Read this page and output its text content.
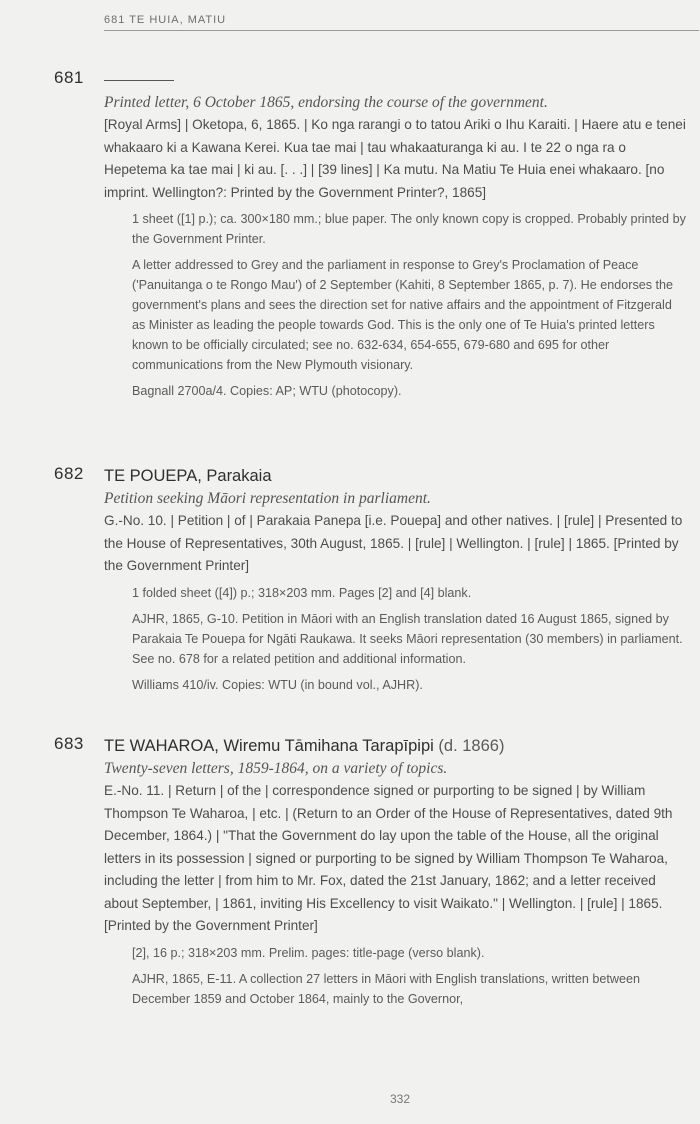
681 TE HUIA, MATIU
681
Printed letter, 6 October 1865, endorsing the course of the government.
[Royal Arms] | Oketopa, 6, 1865. | Ko nga rarangi o to tatou Ariki o Ihu Karaiti. | Haere atu e tenei whakaaro ki a Kawana Kerei. Kua tae mai | tau whakaaturanga ki au. I te 22 o nga ra o Hepetema ka tae mai | ki au. [. . .] | [39 lines] | Ka mutu. Na Matiu Te Huia enei whakaaro. [no imprint. Wellington?: Printed by the Government Printer?, 1865]
1 sheet ([1] p.); ca. 300×180 mm.; blue paper. The only known copy is cropped. Probably printed by the Government Printer.
A letter addressed to Grey and the parliament in response to Grey's Proclamation of Peace ('Panuitanga o te Rongo Mau') of 2 September (Kahiti, 8 September 1865, p. 7). He endorses the government's plans and sees the direction set for native affairs and the appointment of Fitzgerald as Minister as leading the people towards God. This is the only one of Te Huia's printed letters known to be officially circulated; see no. 632-634, 654-655, 679-680 and 695 for other communications from the New Plymouth visionary.
Bagnall 2700a/4. Copies: AP; WTU (photocopy).
682 TE POUEPA, Parakaia
Petition seeking Māori representation in parliament.
G.-No. 10. | Petition | of | Parakaia Panepa [i.e. Pouepa] and other natives. | [rule] | Presented to the House of Representatives, 30th August, 1865. | [rule] | Wellington. | [rule] | 1865. [Printed by the Government Printer]
1 folded sheet ([4]) p.; 318×203 mm. Pages [2] and [4] blank.
AJHR, 1865, G-10. Petition in Māori with an English translation dated 16 August 1865, signed by Parakaia Te Pouepa for Ngāti Raukawa. It seeks Māori representation (30 members) in parliament. See no. 678 for a related petition and additional information.
Williams 410/iv. Copies: WTU (in bound vol., AJHR).
683 TE WAHAROA, Wiremu Tāmihana Tarapīpipi (d. 1866)
Twenty-seven letters, 1859-1864, on a variety of topics.
E.-No. 11. | Return | of the | correspondence signed or purporting to be signed | by William Thompson Te Waharoa, | etc. | (Return to an Order of the House of Representatives, dated 9th December, 1864.) | "That the Government do lay upon the table of the House, all the original letters in its possession | signed or purporting to be signed by William Thompson Te Waharoa, including the letter | from him to Mr. Fox, dated the 21st January, 1862; and a letter received about September, | 1861, inviting His Excellency to visit Waikato." | Wellington. | [rule] | 1865. [Printed by the Government Printer]
[2], 16 p.; 318×203 mm. Prelim. pages: title-page (verso blank).
AJHR, 1865, E-11. A collection 27 letters in Māori with English translations, written between December 1859 and October 1864, mainly to the Governor,
332
